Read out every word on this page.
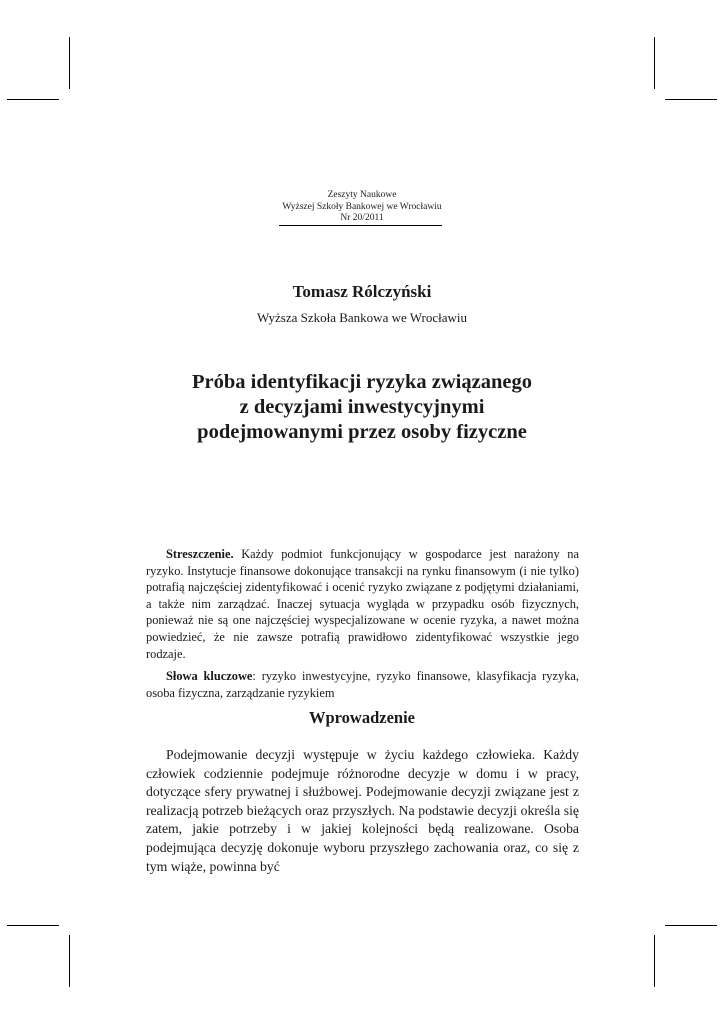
Zeszyty Naukowe
Wyższej Szkoły Bankowej we Wrocławiu
Nr 20/2011
Tomasz Rólczyński
Wyższa Szkoła Bankowa we Wrocławiu
Próba identyfikacji ryzyka związanego
z decyzjami inwestycyjnymi
podejmowanymi przez osoby fizyczne

Streszczenie. Każdy podmiot funkcjonujący w gospodarce jest narażony na ryzyko. Instytucje finansowe dokonujące transakcji na rynku finansowym (i nie tylko) potrafią najczęściej zidentyfikować i ocenić ryzyko związane z podjętymi działaniami, a także nim zarządzać. Inaczej sytuacja wygląda w przypadku osób fizycznych, ponieważ nie są one najczęściej wyspecjalizowane w ocenie ryzyka, a nawet można powiedzieć, że nie zawsze potrafią prawidłowo zidentyfikować wszystkie jego rodzaje.

Słowa kluczowe: ryzyko inwestycyjne, ryzyko finansowe, klasyfikacja ryzyka, osoba fizyczna, zarządzanie ryzykiem

Wprowadzenie

Podejmowanie decyzji występuje w życiu każdego człowieka. Każdy człowiek codziennie podejmuje różnorodne decyzje w domu i w pracy, dotyczące sfery prywatnej i służbowej. Podejmowanie decyzji związane jest z realizacją potrzeb bieżących oraz przyszłych. Na podstawie decyzji określa się zatem, jakie potrzeby i w jakiej kolejności będą realizowane. Osoba podejmująca decyzję dokonuje wyboru przyszłego zachowania oraz, co się z tym wiąże, powinna być
